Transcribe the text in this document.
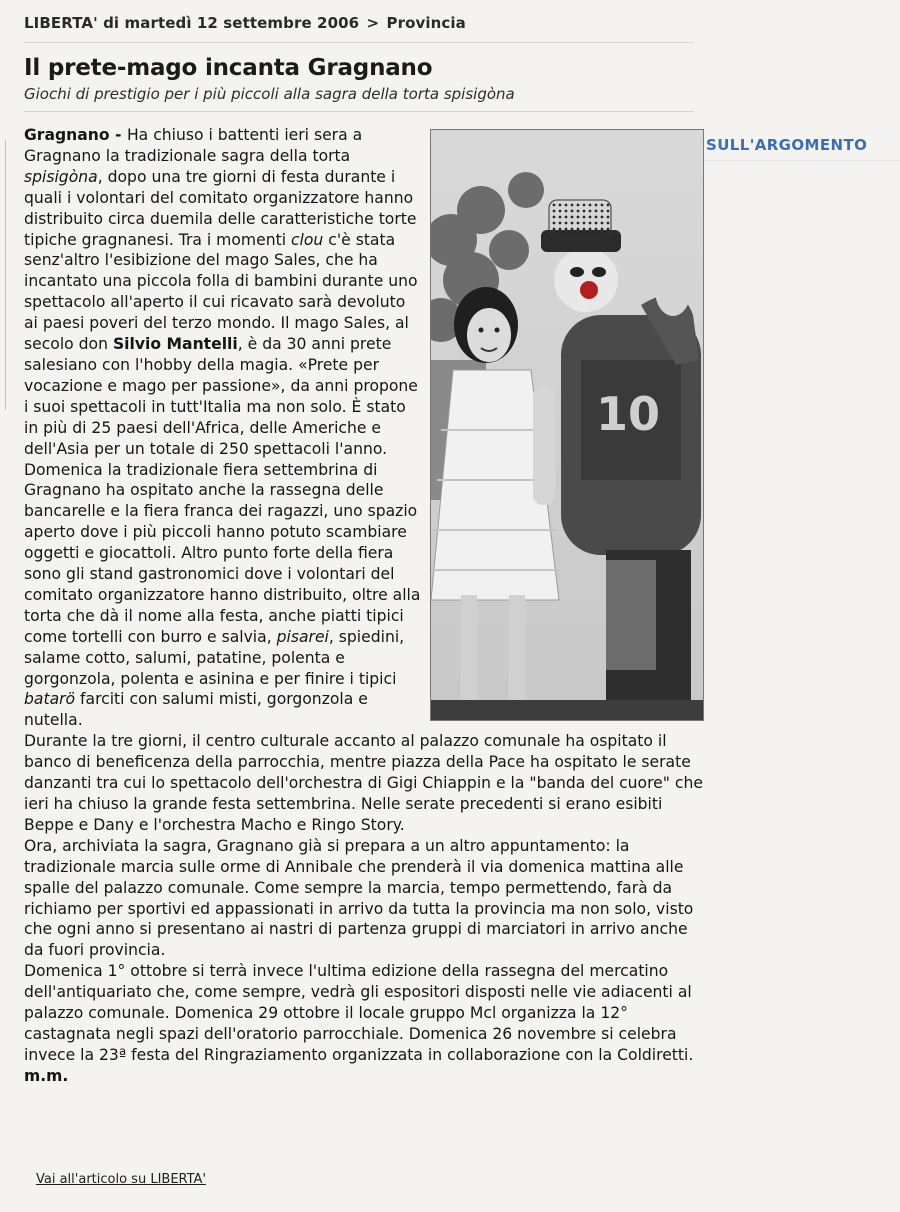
LIBERTA' di martedì 12 settembre 2006 > Provincia
Il prete-mago incanta Gragnano
Giochi di prestigio per i più piccoli alla sagra della torta spisigòna
SULL'ARGOMENTO
10

Gragnano - Ha chiuso i battenti ieri sera a Gragnano la tradizionale sagra della torta spisigòna, dopo una tre giorni di festa durante i quali i volontari del comitato organizzatore hanno distribuito circa duemila delle caratteristiche torte tipiche gragnanesi. Tra i momenti clou c'è stata senz'altro l'esibizione del mago Sales, che ha incantato una piccola folla di bambini durante uno spettacolo all'aperto il cui ricavato sarà devoluto ai paesi poveri del terzo mondo. Il mago Sales, al secolo don Silvio Mantelli, è da 30 anni prete salesiano con l'hobby della magia. «Prete per vocazione e mago per passione», da anni propone i suoi spettacoli in tutt'Italia ma non solo. È stato in più di 25 paesi dell'Africa, delle Americhe e dell'Asia per un totale di 250 spettacoli l'anno.

Domenica la tradizionale fiera settembrina di Gragnano ha ospitato anche la rassegna delle bancarelle e la fiera franca dei ragazzi, uno spazio aperto dove i più piccoli hanno potuto scambiare oggetti e giocattoli. Altro punto forte della fiera sono gli stand gastronomici dove i volontari del comitato organizzatore hanno distribuito, oltre alla torta che dà il nome alla festa, anche piatti tipici come tortelli con burro e salvia, pisarei, spiedini, salame cotto, salumi, patatine, polenta e gorgonzola, polenta e asinina e per finire i tipici batarö farciti con salumi misti, gorgonzola e nutella.

Durante la tre giorni, il centro culturale accanto al palazzo comunale ha ospitato il banco di beneficenza della parrocchia, mentre piazza della Pace ha ospitato le serate danzanti tra cui lo spettacolo dell'orchestra di Gigi Chiappin e la "banda del cuore" che ieri ha chiuso la grande festa settembrina. Nelle serate precedenti si erano esibiti Beppe e Dany e l'orchestra Macho e Ringo Story.

Ora, archiviata la sagra, Gragnano già si prepara a un altro appuntamento: la tradizionale marcia sulle orme di Annibale che prenderà il via domenica mattina alle spalle del palazzo comunale. Come sempre la marcia, tempo permettendo, farà da richiamo per sportivi ed appassionati in arrivo da tutta la provincia ma non solo, visto che ogni anno si presentano ai nastri di partenza gruppi di marciatori in arrivo anche da fuori provincia.

Domenica 1° ottobre si terrà invece l'ultima edizione della rassegna del mercatino dell'antiquariato che, come sempre, vedrà gli espositori disposti nelle vie adiacenti al palazzo comunale. Domenica 29 ottobre il locale gruppo Mcl organizza la 12° castagnata negli spazi dell'oratorio parrocchiale. Domenica 26 novembre si celebra invece la 23ª festa del Ringraziamento organizzata in collaborazione con la Coldiretti.

m.m.

Vai all'articolo su LIBERTA'
